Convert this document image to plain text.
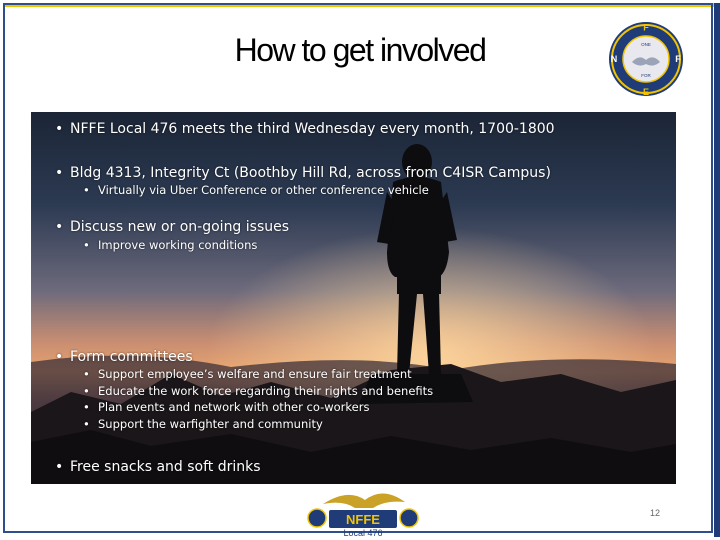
How to get involved
F
N	F
E
ONE
FOR
• NFFE Local 476 meets the third Wednesday every month, 1700-1800
• Bldg 4313, Integrity Ct (Boothby Hill Rd, across from C4ISR Campus)
• Virtually via Uber Conference or other conference vehicle
• Discuss new or on-going issues
• Improve working conditions
• Form committees
• Support employee’s welfare and ensure fair treatment
• Educate the work force regarding their rights and benefits
• Plan events and network with other co-workers
• Support the warfighter and community
• Free snacks and soft drinks
NFFE
Local 476
12
